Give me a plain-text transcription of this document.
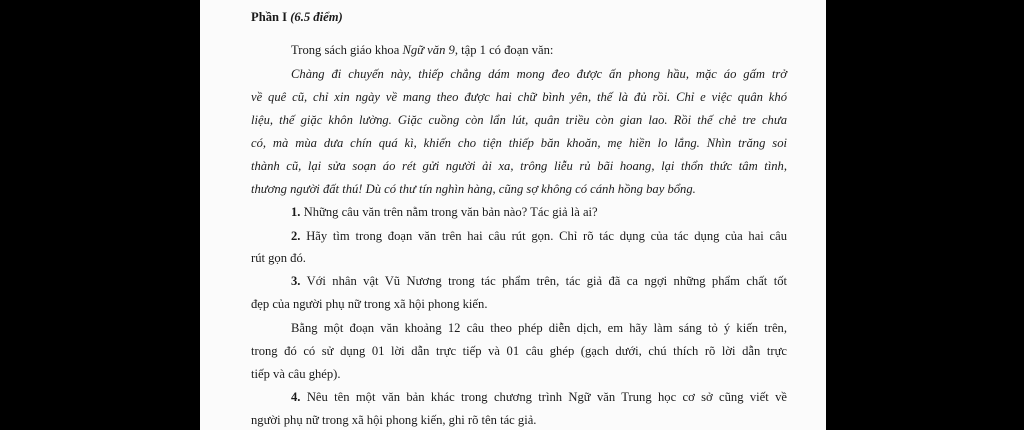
Phần I (6.5 điểm)
Trong sách giáo khoa Ngữ văn 9, tập 1 có đoạn văn:
Chàng đi chuyến này, thiếp chẳng dám mong đeo được ấn phong hầu, mặc áo gấm trở
về quê cũ, chỉ xin ngày về mang theo được hai chữ bình yên, thế là đủ rồi. Chỉ e việc quân khó
liệu, thế giặc khôn lường. Giặc cuồng còn lẩn lút, quân triều còn gian lao. Rồi thế chẻ tre chưa
có, mà mùa dưa chín quá kì, khiến cho tiện thiếp băn khoăn, mẹ hiền lo lắng. Nhìn trăng soi
thành cũ, lại sửa soạn áo rét gửi người ải xa, trông liễu rủ bãi hoang, lại thổn thức tâm tình,
thương người đất thú! Dù có thư tín nghìn hàng, cũng sợ không có cánh hồng bay bổng.
1. Những câu văn trên nằm trong văn bản nào? Tác giả là ai?
2. Hãy tìm trong đoạn văn trên hai câu rút gọn. Chỉ rõ tác dụng của tác dụng của hai câu
rút gọn đó.
3. Với nhân vật Vũ Nương trong tác phẩm trên, tác giả đã ca ngợi những phẩm chất tốt
đẹp của người phụ nữ trong xã hội phong kiến.
Bằng một đoạn văn khoảng 12 câu theo phép diễn dịch, em hãy làm sáng tỏ ý kiến trên,
trong đó có sử dụng 01 lời dẫn trực tiếp và 01 câu ghép (gạch dưới, chú thích rõ lời dẫn trực
tiếp và câu ghép).
4. Nêu tên một văn bản khác trong chương trình Ngữ văn Trung học cơ sở cũng viết về
người phụ nữ trong xã hội phong kiến, ghi rõ tên tác giả.
